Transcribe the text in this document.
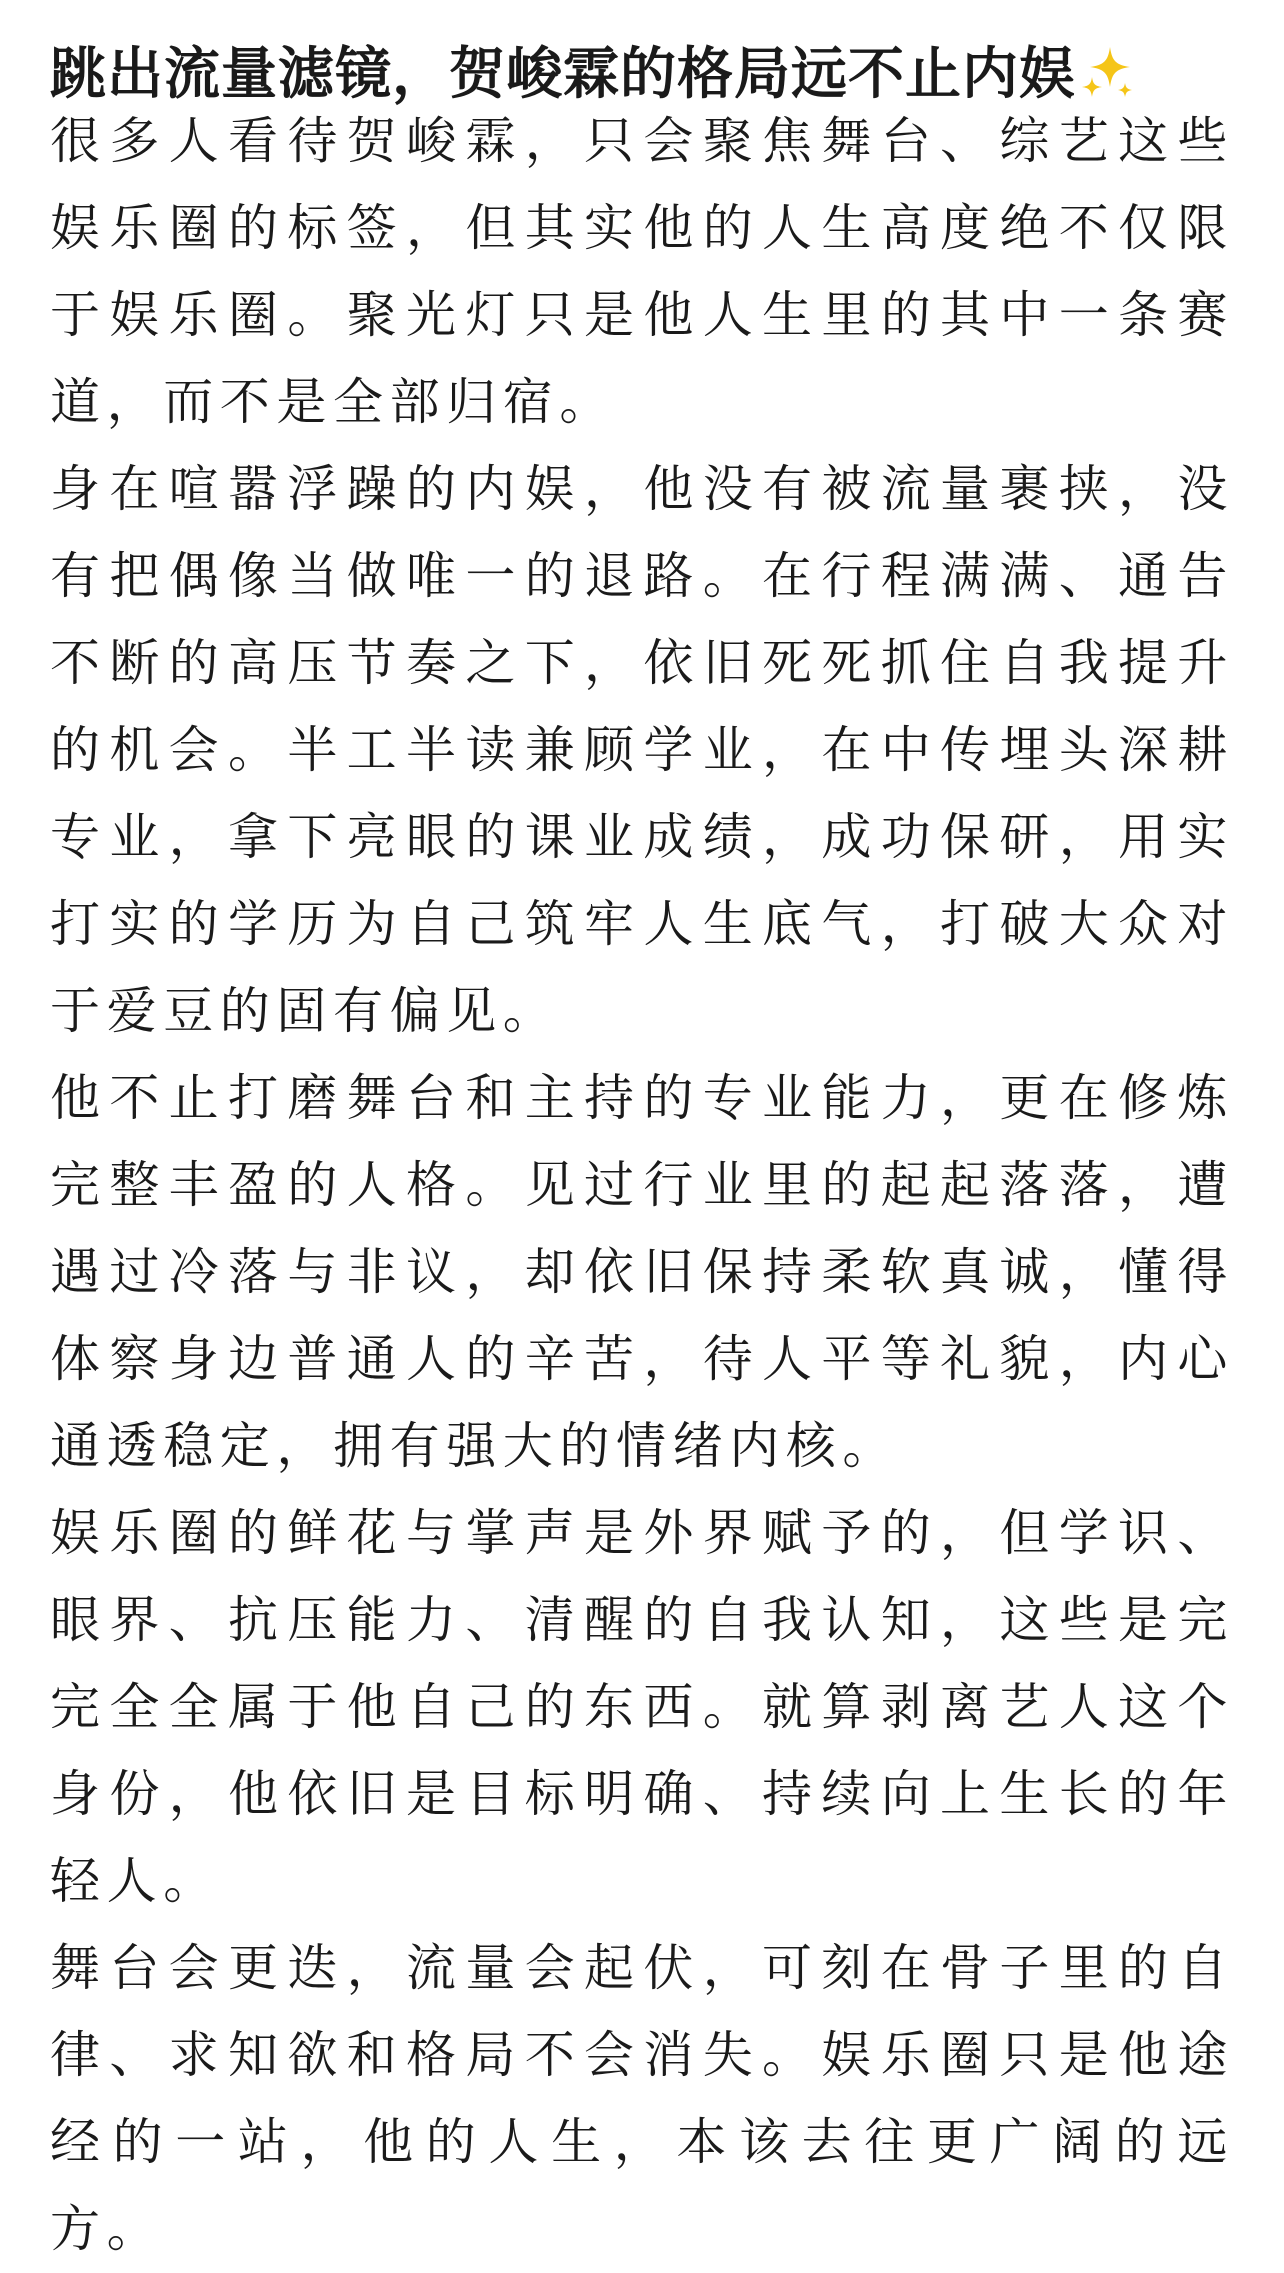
跳出流量滤镜，贺峻霖的格局远不止内娱

很多人看待贺峻霖，只会聚焦舞台、综艺这些娱乐圈的标签，但其实他的人生高度绝不仅限于娱乐圈。聚光灯只是他人生里的其中一条赛道，而不是全部归宿。

身在喧嚣浮躁的内娱，他没有被流量裹挟，没有把偶像当做唯一的退路。在行程满满、通告不断的高压节奏之下，依旧死死抓住自我提升的机会。半工半读兼顾学业，在中传埋头深耕专业，拿下亮眼的课业成绩，成功保研，用实打实的学历为自己筑牢人生底气，打破大众对于爱豆的固有偏见。

他不止打磨舞台和主持的专业能力，更在修炼完整丰盈的人格。见过行业里的起起落落，遭遇过冷落与非议，却依旧保持柔软真诚，懂得体察身边普通人的辛苦，待人平等礼貌，内心通透稳定，拥有强大的情绪内核。

娱乐圈的鲜花与掌声是外界赋予的，但学识、眼界、抗压能力、清醒的自我认知，这些是完完全全属于他自己的东西。就算剥离艺人这个身份，他依旧是目标明确、持续向上生长的年轻人。

舞台会更迭，流量会起伏，可刻在骨子里的自律、求知欲和格局不会消失。娱乐圈只是他途经的一站，他的人生，本该去往更广阔的远方。
